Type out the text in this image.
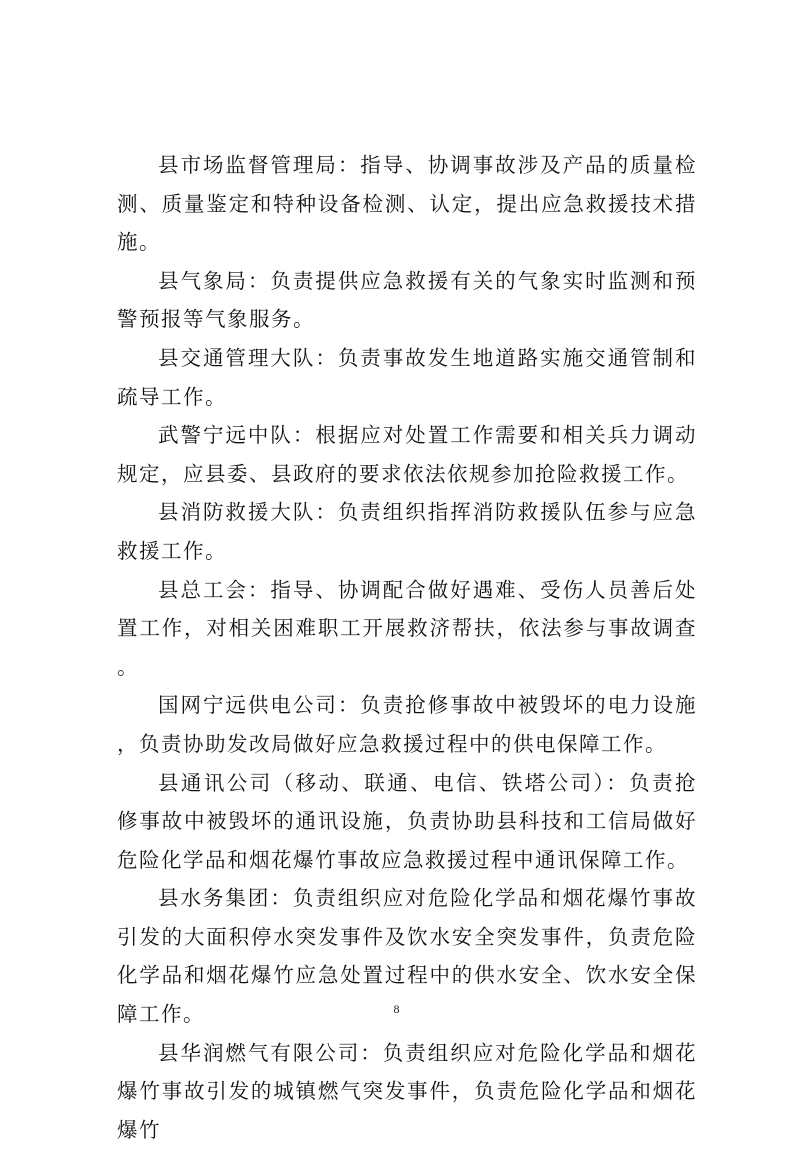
县市场监督管理局：指导、协调事故涉及产品的质量检测、质量鉴定和特种设备检测、认定，提出应急救援技术措施。

县气象局：负责提供应急救援有关的气象实时监测和预警预报等气象服务。

县交通管理大队：负责事故发生地道路实施交通管制和疏导工作。

武警宁远中队：根据应对处置工作需要和相关兵力调动规定，应县委、县政府的要求依法依规参加抢险救援工作。

县消防救援大队：负责组织指挥消防救援队伍参与应急救援工作。

县总工会：指导、协调配合做好遇难、受伤人员善后处置工作，对相关困难职工开展救济帮扶，依法参与事故调查。

国网宁远供电公司：负责抢修事故中被毁坏的电力设施，负责协助发改局做好应急救援过程中的供电保障工作。

县通讯公司（移动、联通、电信、铁塔公司）：负责抢修事故中被毁坏的通讯设施，负责协助县科技和工信局做好危险化学品和烟花爆竹事故应急救援过程中通讯保障工作。

县水务集团：负责组织应对危险化学品和烟花爆竹事故引发的大面积停水突发事件及饮水安全突发事件，负责危险化学品和烟花爆竹应急处置过程中的供水安全、饮水安全保障工作。

县华润燃气有限公司：负责组织应对危险化学品和烟花爆竹事故引发的城镇燃气突发事件，负责危险化学品和烟花爆竹

8
